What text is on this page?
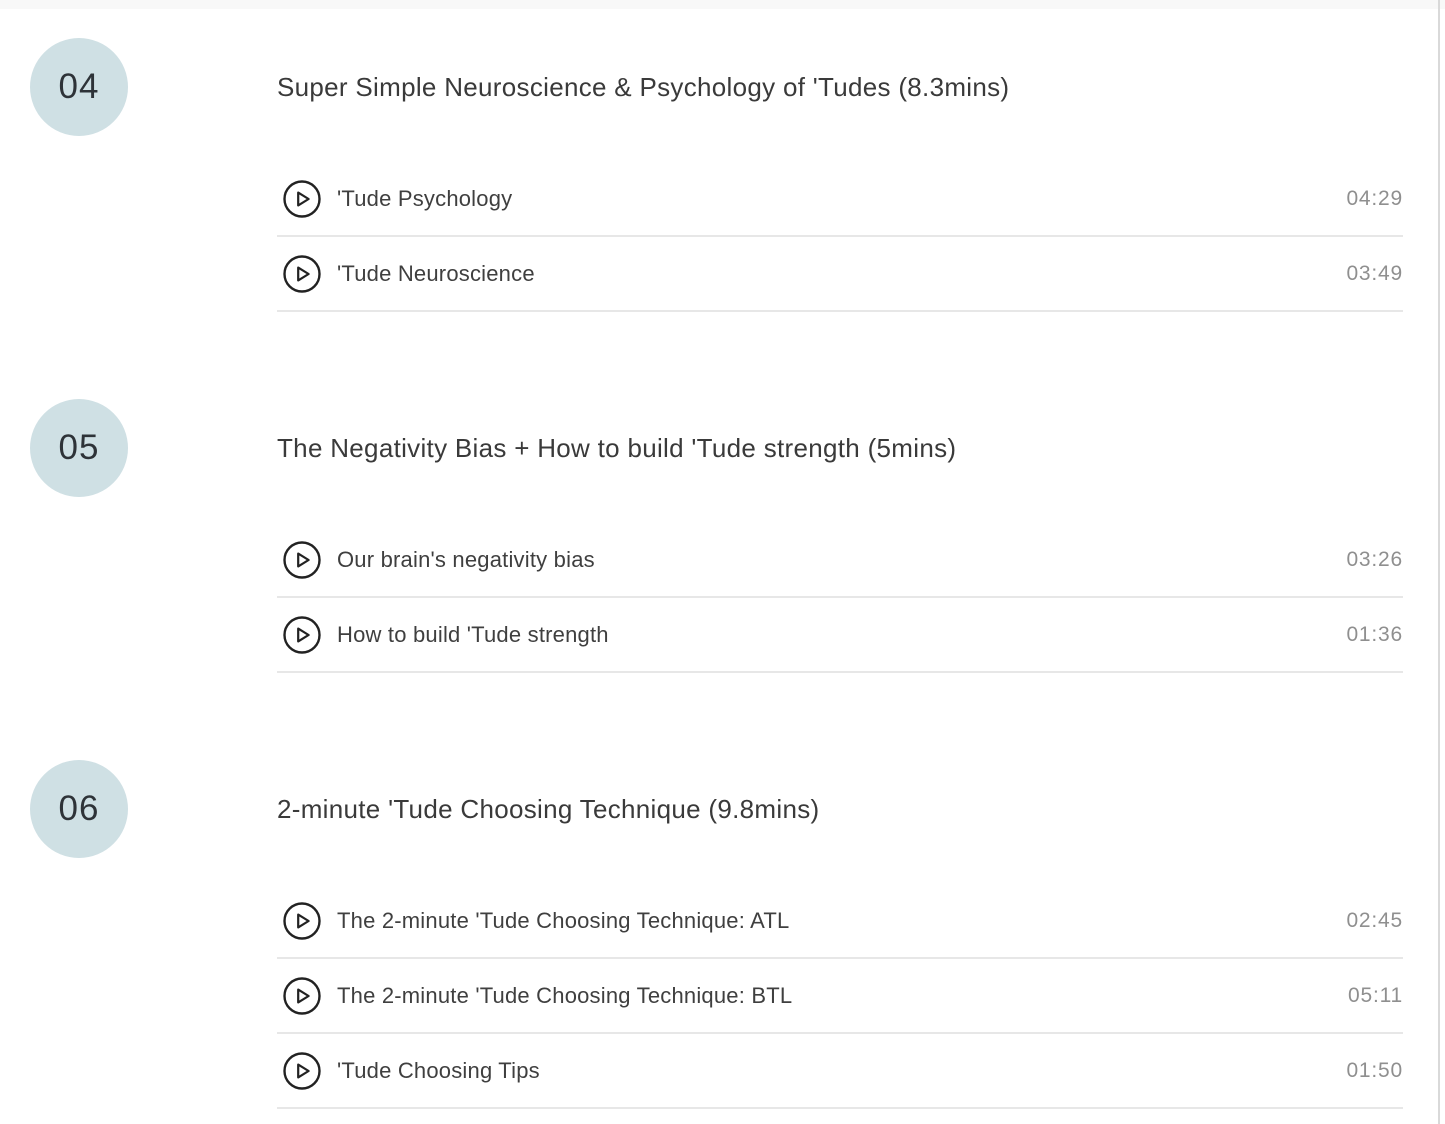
04	Super Simple Neuroscience & Psychology of 'Tudes (8.3mins)
'Tude Psychology	04:29
'Tude Neuroscience	03:49
05	The Negativity Bias + How to build 'Tude strength (5mins)
Our brain's negativity bias	03:26
How to build 'Tude strength	01:36
06	2-minute 'Tude Choosing Technique (9.8mins)
The 2-minute 'Tude Choosing Technique: ATL	02:45
The 2-minute 'Tude Choosing Technique: BTL	05:11
'Tude Choosing Tips	01:50
